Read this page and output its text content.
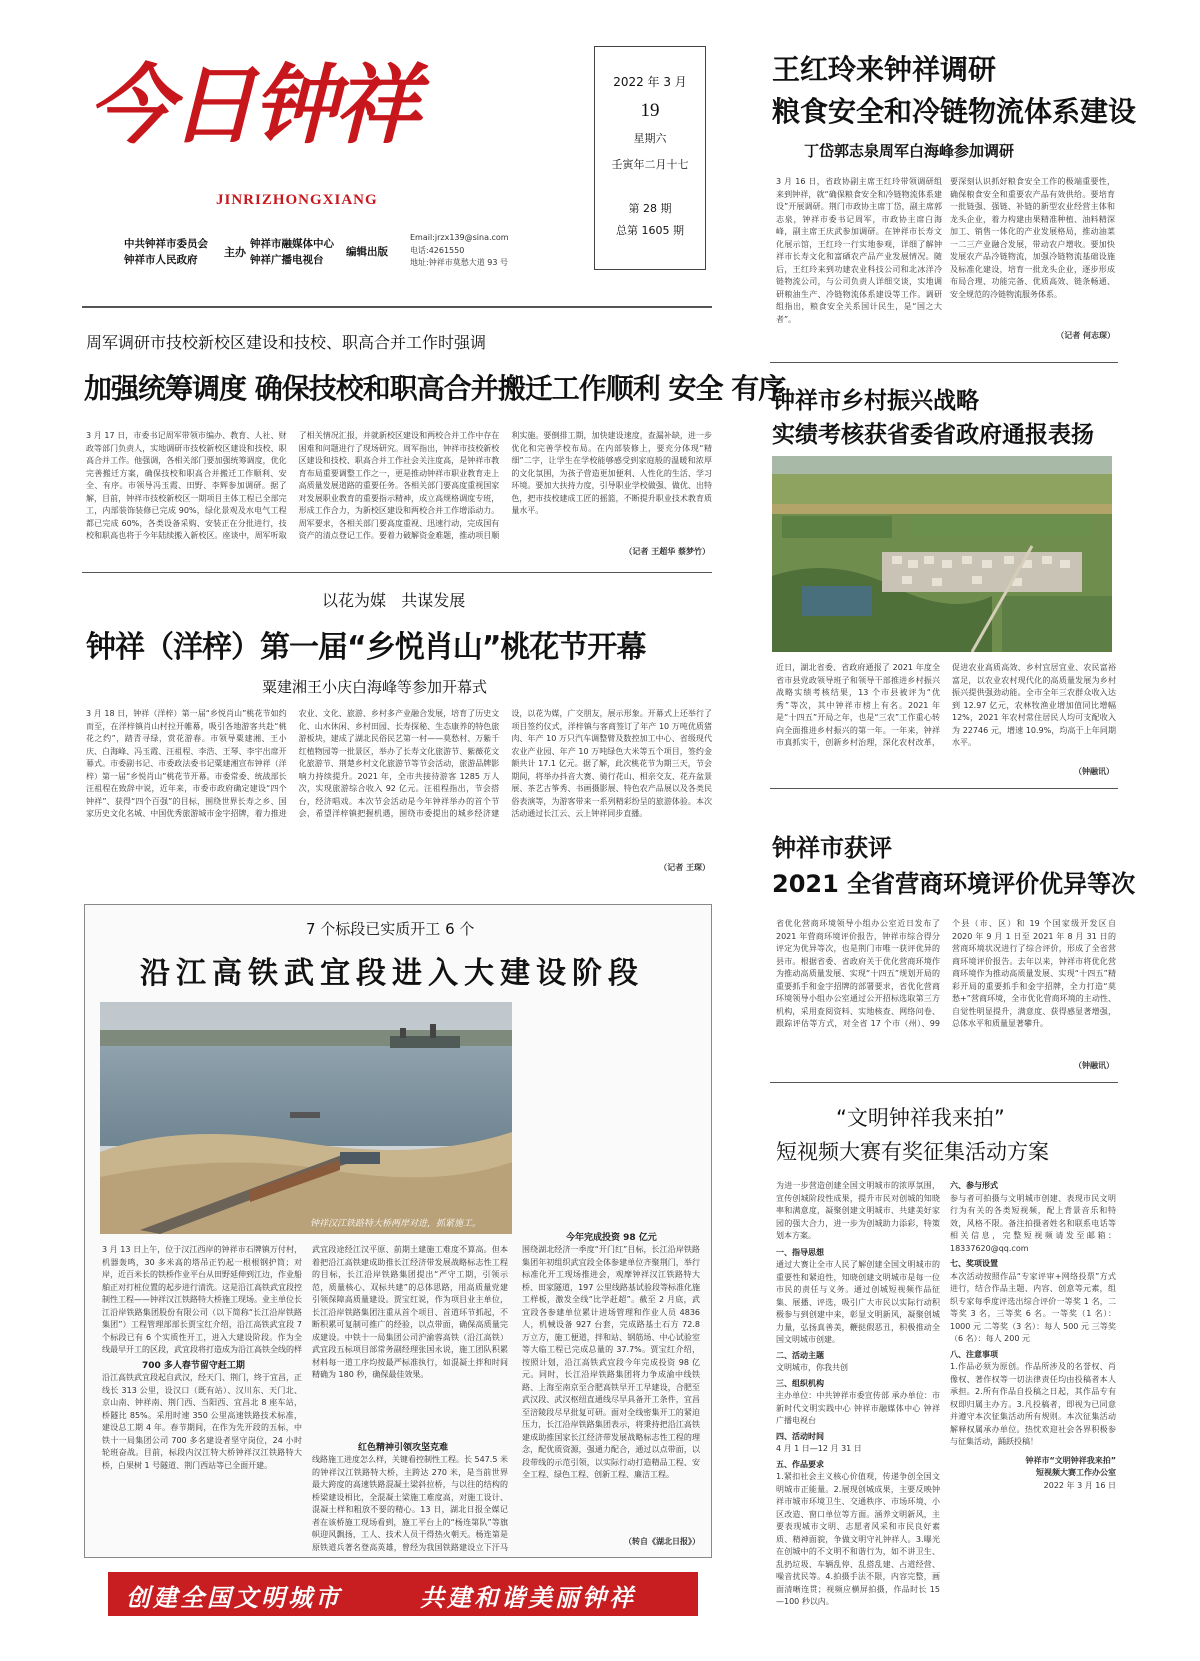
今日钟祥
JINRIZHONGXIANG
中共钟祥市委员会
钟祥市人民政府
主办
钟祥市融媒体中心
钟祥广播电视台
编辑出版
Email:jrzx139@sina.com
电话:4261550
地址:钟祥市莫愁大道 93 号
2022 年 3 月
19
星期六
壬寅年二月十七
第 28 期
总第 1605 期
王红玲来钟祥调研
粮食安全和冷链物流体系建设
丁岱郭志泉周军白海峰参加调研
3 月 16 日，省政协副主席王红玲带领调研组来到钟祥，就“确保粮食安全和冷链物流体系建设”开展调研。荆门市政协主席丁岱，副主席郭志泉，钟祥市委书记周军，市政协主席白海峰，副主席王庆武参加调研。在钟祥市长寿文化展示馆，王红玲一行实地参观，详细了解钟祥市长寿文化和富硒农产品产业发展情况。随后，王红玲来到功建农业科技公司和北冰洋冷链物流公司，与公司负责人详细交谈，实地调研粮油生产、冷链物流体系建设等工作。调研组指出，粮食安全关系国计民生，是“国之大者”。
要深刻认识抓好粮食安全工作的极端重要性，确保粮食安全和重要农产品有效供给。要培育一批链强、强链、补链的新型农业经营主体和龙头企业，着力构建由果精准种植、油料精深加工、销售一体化的产业发展格局，推动油菜一二三产业融合发展，带动农户增收。要加快发展农产品冷链物流，加强冷链物流基础设施及标准化建设，培育一批龙头企业，逐步形成布局合理、功能完备、优质高效、链条畅通、安全规范的冷链物流服务体系。
（记者 何志琛）
周军调研市技校新校区建设和技校、职高合并工作时强调
加强统筹调度 确保技校和职高合并搬迁工作顺利 安全 有序
3 月 17 日，市委书记周军带领市编办、教育、人社、财政等部门负责人，实地调研市技校新校区建设和技校、职高合并工作。他强调，各相关部门要加强统筹调度，优化完善搬迁方案，确保技校和职高合并搬迁工作顺利、安全、有序。市领导冯玉霞、田野、李辉参加调研。据了解，目前，钟祥市技校新校区一期项目主体工程已全部完工，内部装饰装修已完成 90%，绿化景观及水电气工程都已完成 60%，各类设备采购、安装正在分批进行，技校和职高也将于今年陆续搬入新校区。座谈中，周军听取了相关情况汇报，并就新校区建设和两校合并工作中存在困难和问题进行了现场研究。周军指出，钟祥市技校新校区建设和技校、职高合并工作社会关注度高，是钟祥市教育布局重要调整工作之一，更是推动钟祥市职业教育走上高质量发展道路的重要任务。各相关部门要高度重视国家对发展职业教育的重要指示精神，成立高规格调度专班，形成工作合力，为新校区建设和两校合并工作增添动力。周军要求，各相关部门要高度重视、迅速行动，完成国有资产的清点登记工作。要着力破解资金难题，推动项目顺利实施。要倒排工期，加快建设速度，查漏补缺，进一步优化和完善学校布局。在内部装修上，要充分体现“精细”二字，让学生在学校能够感受到家庭般的温暖和浓厚的文化氛围，为孩子营造更加便利、人性化的生活、学习环境。要加大扶持力度，引导职业学校做强、做优、出特色，把市技校建成工匠的摇篮，不断提升职业技术教育质量水平。
（记者 王超华 蔡梦竹）
以花为媒   共谋发展
钟祥（洋梓）第一届“乡悦肖山”桃花节开幕
粟建湘王小庆白海峰等参加开幕式
3 月 18 日，钟祥（洋梓）第一届“乡悦肖山”桃花节如约而至，在洋梓镇肖山村拉开帷幕，吸引各地游客共赴“桃花之约”，踏青寻绿，赏花游春。市领导粟建湘、王小庆、白海峰、冯玉霞、汪祖程、李浩、王琴、李宇出席开幕式。市委副书记、市委政法委书记粟建湘宣布钟祥（洋梓）第一届“乡悦肖山”桃花节开幕。市委常委、统战部长汪祖程在致辞中说，近年来，市委市政府确定建设“四个钟祥”、获得“四个百强”的目标，围绕世界长寿之乡、国家历史文化名城、中国优秀旅游城市金字招牌，着力推进农业、文化、旅游、乡村多产业融合发展，培育了历史文化、山水休闲、乡村田园、长寿探秘、生态康养的特色旅游板块，建成了湖北民俗民艺第一村——莫愁村、万紫千红植物园等一批景区，举办了长寿文化旅游节、紫薇花文化旅游节、荆楚乡村文化旅游节等节会活动，旅游品牌影响力持续提升。2021 年，全市共接待游客 1285 万人次，实现旅游综合收入 92 亿元。汪祖程指出，节会搭台，经济唱戏。本次节会活动是今年钟祥举办的首个节会，希望洋梓镇把握机遇，围绕市委提出的城乡经济建设，以花为媒，广交朋友，展示形象。开幕式上还举行了项目签约仪式，洋梓镇与客商签订了年产 10 万吨优质猪肉、年产 10 万只汽车调整臂及数控加工中心、省级现代农业产业园、年产 10 万吨绿色大米等五个项目，签约金额共计 17.1 亿元。据了解，此次桃花节为期三天，节会期间，将举办抖音大赛、骑行花山、相亲交友、花卉盆景展、茶艺古筝秀、书画摄影展、特色农产品展以及各类民俗表演等，为游客带来一系列精彩纷呈的旅游体验。本次活动通过长江云、云上钟祥同步直播。
（记者 王琛）
7 个标段已实质开工 6 个
沿江高铁武宜段进入大建设阶段
钟祥汉江铁路特大桥两岸对进，抓紧施工。
3 月 13 日上午，位于汉江西岸的钟祥市石牌镇万付村，机器轰鸣，30 多米高的塔吊正钓起一根根钢护筒；对岸，近百米长的铁桥作业平台从田野延伸到江边，作业船舶正对打桩位置的起步进行清洗。这是沿江高铁武宜段控制性工程——钟祥汉江铁路特大桥施工现场。业主单位长江沿岸铁路集团股份有限公司（以下简称“长江沿岸铁路集团”）工程管理部部长贾宝红介绍，沿江高铁武宜段 7 个标段已有 6 个实质性开工，进入大建设阶段。作为全线最早开工的区段，武宜段将打造成为沿江高铁全线的样
700 多人春节留守赶工期
沿江高铁武宜段起自武汉，经天门、荆门，终于宜昌，正线长 313 公里，设汉口（既有站）、汉川东、天门北、京山南、钟祥南、荆门西、当阳西、宜昌北 8 座车站，桥隧比 85%。采用时速 350 公里高速铁路技术标准，建设总工期 4 年。春节期间，在作为先开段的五标，中铁十一局集团公司 700 多名建设者坚守岗位，24 小时轮班奋战。目前，标段内汉江特大桥钟祥汉江铁路特大桥，白果树 1 号隧道、荆门西站等已全面开建。
武宜段途经江汉平原、前期土建施工难度不算高。但本着把沿江高铁建成助推长江经济带发展战略标志性工程的目标，长江沿岸铁路集团提出“严守工期，引领示范，质量核心、双标共建”的总体思路，用高质量党建引领保障高质量建设。贾宝红说，作为项目业主单位，长江沿岸铁路集团注重从首个项目、首道环节抓起，不断积累可复制可推广的经验，以点带面，确保高质量完成建设。中铁十一局集团公司沪渝蓉高铁（沿江高铁）武宜段五标项目部常务副经理张国永说，施工团队积累材料每一道工序均按最严标准执行，如混凝土拌和时间精确为 180 秒，确保最佳效果。
红色精神引领攻坚克难
线路施工进度怎么样，关键看控制性工程。长 547.5 米的钟祥汉江铁路特大桥，主跨达 270 米，是当前世界最大跨度的高速铁路混凝土梁斜拉桥，与以往的结构的桥梁建设相比，全混凝土梁施工难度高，对施工设计、混凝土样和粗放不要的精心。13 日，湖北日报全媒记者在该桥施工现场看到，施工平台上的“杨连第队”等旗帜迎风飘扬，工人、技术人员干得热火朝天。杨连第是原铁道兵著名登高英雄，曾经为我国铁路建设立下汗马
今年完成投资 98 亿元
围绕湖北经济一季度“开门红”目标，长江沿岸铁路集团年初组织武宜段全体参建单位齐聚荆门，举行标准化开工现场推进会，观摩钟祥汉江铁路特大桥、田家隧道，197 公里线路基试验段等标准化施工样板，激发全线“比学赶超”。截至 2 月底，武宜段各参建单位累计进场管理和作业人员 4836 人，机械设备 927 台套，完成路基土石方 72.8 万立方，施工便道，拌和站、钢筋场、中心试验室等大临工程已完成总量的 37.7%。贾宝红介绍，按照计划，沿江高铁武宜段今年完成投资 98 亿元。同时，长江沿岸铁路集团将力争成渝中线铁路、上海至南京至合肥高铁早开工早建设，合肥至武汉段、武汉枢纽直通线尽早具备开工条件，宜昌至涪陵段尽早批复可研。面对全线密集开工的紧迫压力，长江沿岸铁路集团表示，将秉持把沿江高铁建成助推国家长江经济带发展战略标志性工程的理念，配优质资源，强通力配合，通过以点带面，以段带线的示范引领，以实际行动打造精品工程、安全工程、绿色工程、创新工程、廉洁工程。
（转自《湖北日报》）
钟祥市乡村振兴战略
实绩考核获省委省政府通报表扬
近日，湖北省委、省政府通报了 2021 年度全省市县党政领导班子和领导干部推进乡村振兴战略实绩考核结果，13 个市县被评为“优秀”等次，其中钟祥市榜上有名。2021 年是“十四五”开局之年，也是“三农”工作重心转向全面推进乡村振兴的第一年。一年来，钟祥市真抓实干，创新乡村治理，深化农村改革，促进农业高质高效、乡村宜居宜业、农民富裕富足，以农业农村现代化的高质量发展为乡村振兴提供强劲动能。全市全年三农群众收入达到 12.97 亿元，农林牧渔业增加值同比增幅 12%，2021 年农村常住居民人均可支配收入为 22746 元，增速 10.9%，均高于上年同期水平。
（钟融讯）
钟祥市获评
2021 全省营商环境评价优异等次
省优化营商环境领导小组办公室近日发布了 2021 年营商环境评价报告，钟祥市综合得分评定为优异等次，也是荆门市唯一获评优异的县市。根据省委、省政府关于优化营商环境作为推动高质量发展、实现“十四五”规划开局的重要抓手和金字招牌的部署要求，省优化营商环境领导小组办公室通过公开招标选取第三方机构，采用查阅资料、实地核查、网络问卷、跟踪评估等方式，对全省 17 个市（州）、99 个县（市、区）和 19 个国家级开发区自 2020 年 9 月 1 日至 2021 年 8 月 31 日的营商环境状况进行了综合评价，形成了全省营商环境评价报告。去年以来，钟祥市将优化营商环境作为推动高质量发展、实现“十四五”精彩开局的重要抓手和金字招牌，全力打造“莫愁+”营商环境，全市优化营商环境的主动性、自觉性明显提升，满意度、获得感显著增强，总体水平和质量显著攀升。
（钟融讯）
“文明钟祥我来拍”
短视频大赛有奖征集活动方案
为进一步营造创建全国文明城市的浓厚氛围，宣传创城阶段性成果，提升市民对创城的知晓率和满意度，凝聚创建文明城市、共建美好家园的强大合力，进一步为创城助力添彩，特策划本方案。
一、指导思想
通过大赛让全市人民了解创建全国文明城市的重要性和紧迫性，知晓创建文明城市是每一位市民的责任与义务。通过创城短视频作品征集、展播、评选，吸引广大市民以实际行动积极参与到创建中来，彰显文明新风，凝聚创城力量，弘扬真善美，鞭挞假恶丑，积极推动全国文明城市创建。
二、活动主题
文明城市，你我共创
三、组织机构
主办单位：中共钟祥市委宣传部 承办单位：市新时代文明实践中心 钟祥市融媒体中心 钟祥广播电视台
四、活动时间
4 月 1 日—12 月 31 日
五、作品要求
1.紧扣社会主义核心价值观，传递争创全国文明城市正能量。2.展现创城成果，主要反映钟祥市城市环境卫生、交通秩序、市场环境、小区改造、窗口单位等方面。涵养文明新风，主要表现城市文明、志愿者风采和市民良好素质、精神面貌，争做文明守礼钟祥人。3.曝光在创城中的不文明不和谐行为，如不讲卫生、乱扔垃圾、车辆乱停、乱搭乱建、占道经营、噪音扰民等。4.拍摄手法不限，内容完整，画面清晰连贯；视频应横屏拍摄，作品时长 15—100 秒以内。
六、参与形式
参与者可拍摄与文明城市创建、表现市民文明行为有关的各类短视频，配上背景音乐和特效，风格不限。备注拍摄者姓名和联系电话等相关信息，完整短视频请发至邮箱：18337620@qq.com
七、奖项设置
本次活动按照作品“专家评审+网络投票”方式进行，结合作品主题、内容、创意等元素，组织专家每季度评选出综合评价一等奖 1 名，二等奖 3 名，三等奖 6 名。一等奖（1 名）：1000 元 二等奖（3 名）：每人 500 元 三等奖（6 名）：每人 200 元
八、注意事项
1.作品必须为原创。作品所涉及的名誉权、肖像权、著作权等一切法律责任均由投稿者本人承担。2.所有作品自投稿之日起，其作品专有权即归属主办方。3.凡投稿者，即视为已同意并遵守本次征集活动所有规则。本次征集活动解释权属承办单位。热忱欢迎社会各界积极参与征集活动，踊跃投稿！
钟祥市“文明钟祥我来拍”
短视频大赛工作办公室
2022 年 3 月 16 日
创建全国文明城市	共建和谐美丽钟祥
